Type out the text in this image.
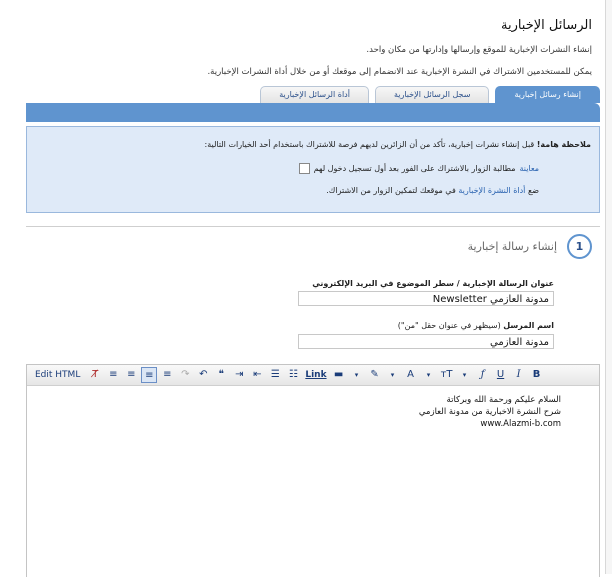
الرسائل الإخبارية
إنشاء النشرات الإخبارية للموقع وإرسالها وإدارتها من مكان واحد.
يمكن للمستخدمين الاشتراك في النشرة الإخبارية عند الانضمام إلى موقعك أو من خلال أداة النشرات الإخبارية.
إنشاء رسائل إخبارية
سجل الرسائل الإخبارية
أداة الرسائل الإخبارية
ملاحظة هامة! قبل إنشاء نشرات إخبارية، تأكد من أن الزائرين لديهم فرصة للاشتراك باستخدام أحد الخيارات التالية:
مطالبة الزوار بالاشتراك على الفور بعد أول تسجيل دخول لهم معاينة
ضع أداة النشرة الإخبارية في موقعك لتمكين الزوار من الاشتراك.
1
إنشاء رسالة إخبارية
عنوان الرسالة الإخبارية / سطر الموضوع في البريد الإلكتروني
مدونة العازمي Newsletter
اسم المرسل (سيظهر في عنوان حقل "من")
مدونة العازمي
Edit HTML	T̸	≡ ≡ ≡ ≡ ↷ ↶	❝	⇥ ⇤ ☰ ☷ Link ▬	▾	✎	▾	A	▾	тT	▾	ƒ	U	I	B
السلام عليكم ورحمة الله وبركاتة
شرح النشرة الاخبارية من مدونة العازمي
www.Alazmi-b.com
